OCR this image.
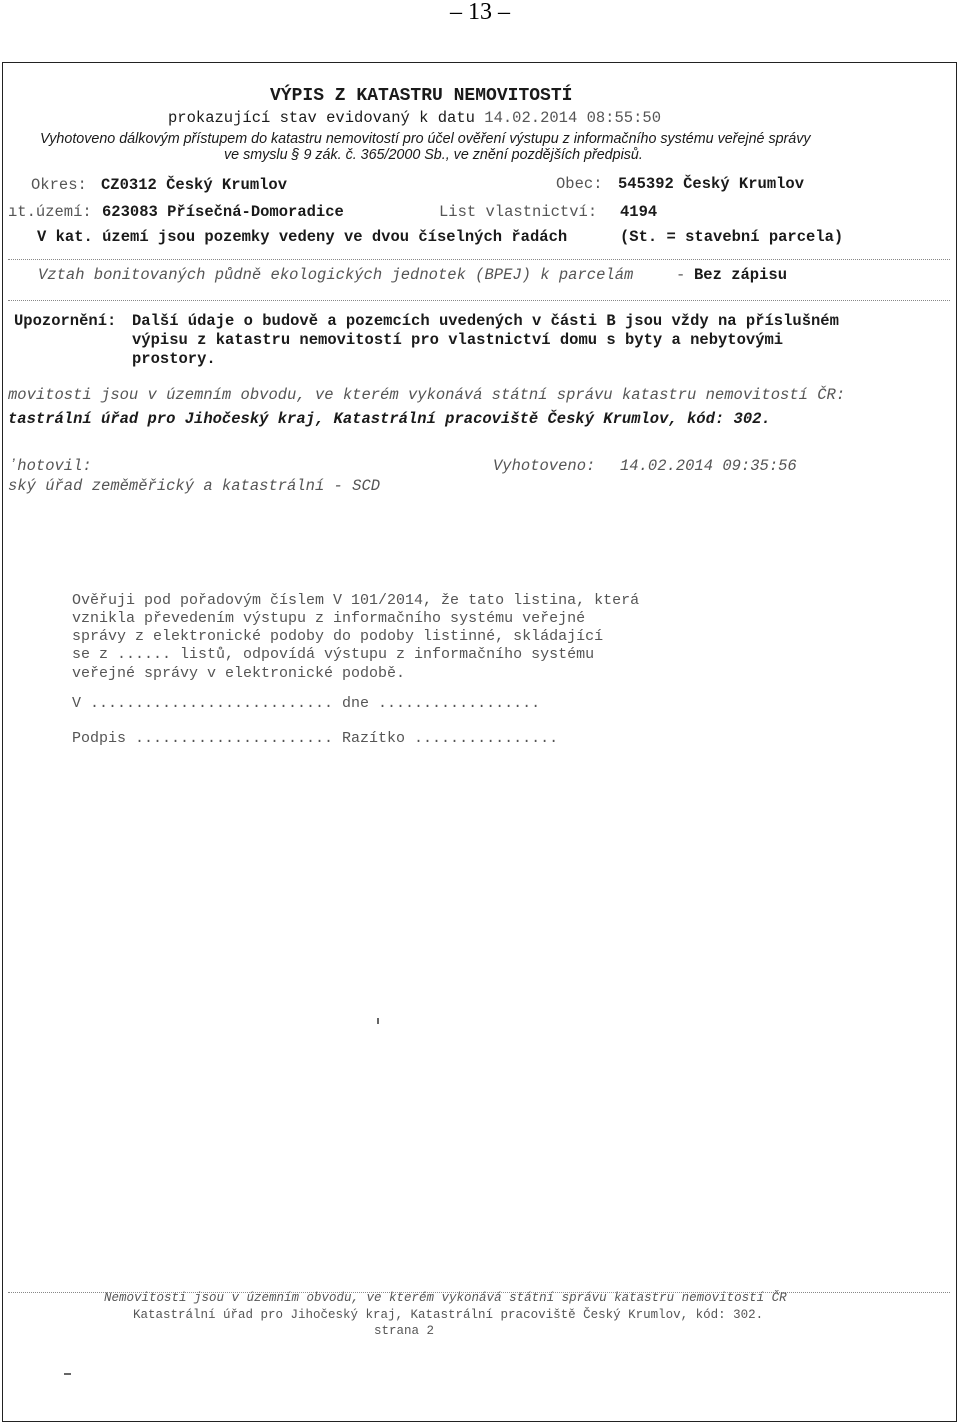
– 13 –
VÝPIS Z KATASTRU NEMOVITOSTÍ
prokazující stav evidovaný k datu 14.02.2014 08:55:50
Vyhotoveno dálkovým přístupem do katastru nemovitostí pro účel ověření výstupu z informačního systému veřejné správy
ve smyslu § 9 zák. č. 365/2000 Sb., ve znění pozdějších předpisů.
Okres: CZ0312 Český Krumlov	Obec: 545392 Český Krumlov
ıt.území: 623083 Přísečná-Domoradice	List vlastnictví: 4194
V kat. území jsou pozemky vedeny ve dvou číselných řadách	(St. = stavební parcela)
Vztah bonitovaných půdně ekologických jednotek (BPEJ) k parcelám	- Bez zápisu
Upozornění: Další údaje o budově a pozemcích uvedených v části B jsou vždy na příslušném
výpisu z katastru nemovitostí pro vlastnictví domu s byty a nebytovými
prostory.
movitosti jsou v územním obvodu, ve kterém vykonává státní správu katastru nemovitostí ČR:
tastrální úřad pro Jihočeský kraj, Katastrální pracoviště Český Krumlov, kód: 302.
ʼhotovil:
ský úřad zeměměřický a katastrální - SCD
Vyhotoveno: 14.02.2014 09:35:56
Ověřuji pod pořadovým číslem V 101/2014, že tato listina, která
vznikla převedením výstupu z informačního systému veřejné
správy z elektronické podoby do podoby listinné, skládající
se z ...... listů, odpovídá výstupu z informačního systému
veřejné správy v elektronické podobě.
V ........................... dne ..................
Podpis ...................... Razítko ................
Nemovitosti jsou v územním obvodu, ve kterém vykonává státní správu katastru nemovitostí ČR
Katastrální úřad pro Jihočeský kraj, Katastrální pracoviště Český Krumlov, kód: 302.
strana 2
